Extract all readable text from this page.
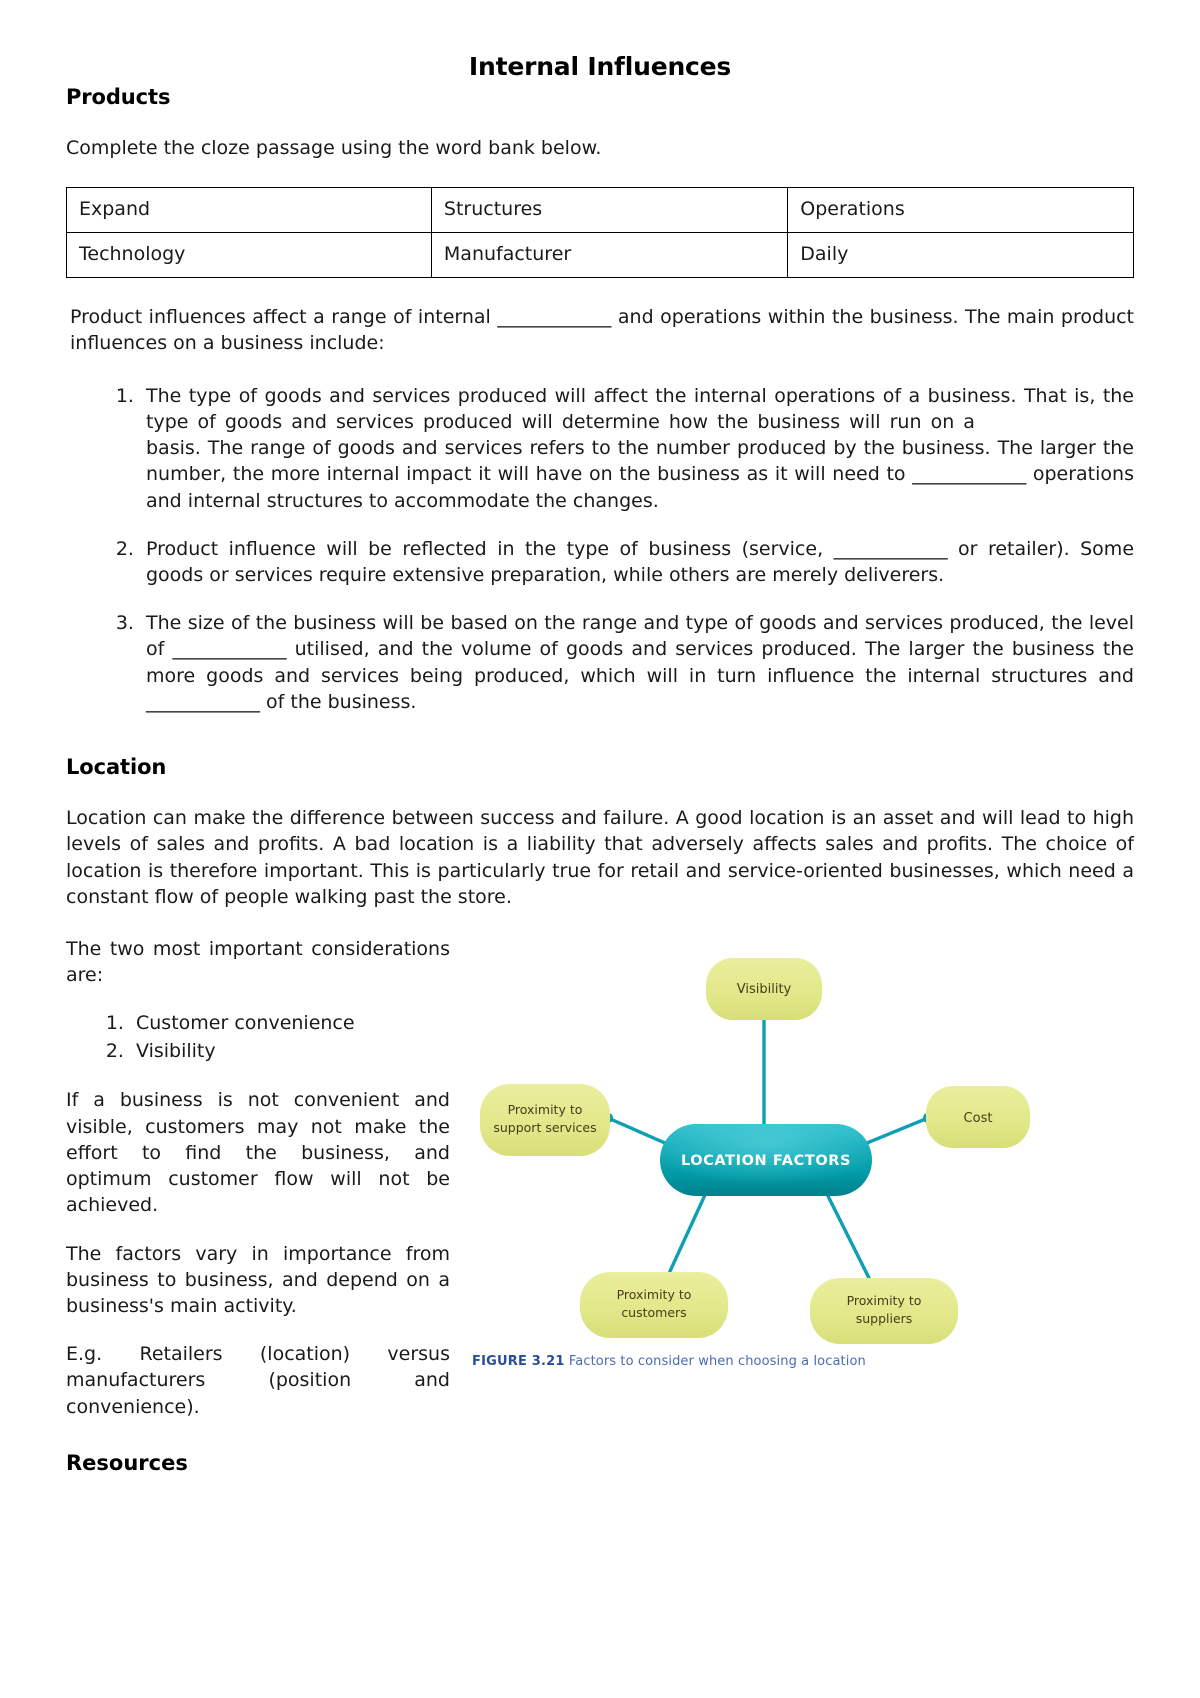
Internal Influences
Products

Complete the cloze passage using the word bank below.

Expand	Structures	Operations
Technology	Manufacturer	Daily

Product influences affect a range of internal ____________ and operations within the business. The main product influences on a business include:

1. The type of goods and services produced will affect the internal operations of a business. That is, the type of goods and services produced will determine how the business will run on a  basis. The range of goods and services refers to the number produced by the business. The larger the number, the more internal impact it will have on the business as it will need to ____________ operations and internal structures to accommodate the changes.
2. Product influence will be reflected in the type of business (service, ____________ or retailer). Some goods or services require extensive preparation, while others are merely deliverers.
3. The size of the business will be based on the range and type of goods and services produced, the level of ____________ utilised, and the volume of goods and services produced. The larger the business the more goods and services being produced, which will in turn influence the internal structures and ____________ of the business.
Location

Location can make the difference between success and failure. A good location is an asset and will lead to high levels of sales and profits. A bad location is a liability that adversely affects sales and profits. The choice of location is therefore important. This is particularly true for retail and service-oriented businesses, which need a constant flow of people walking past the store.

The two most important considerations are:

1. Customer convenience
2. Visibility

If a business is not convenient and visible, customers may not make the effort to find the business, and optimum customer flow will not be achieved.

The factors vary in importance from business to business, and depend on a business's main activity.

E.g. Retailers (location) versus manufacturers (position and convenience).

Visibility
Cost
Proximity to
support services
Proximity to
customers
Proximity to
suppliers
LOCATION FACTORS
FIGURE 3.21 Factors to consider when choosing a location
Resources
